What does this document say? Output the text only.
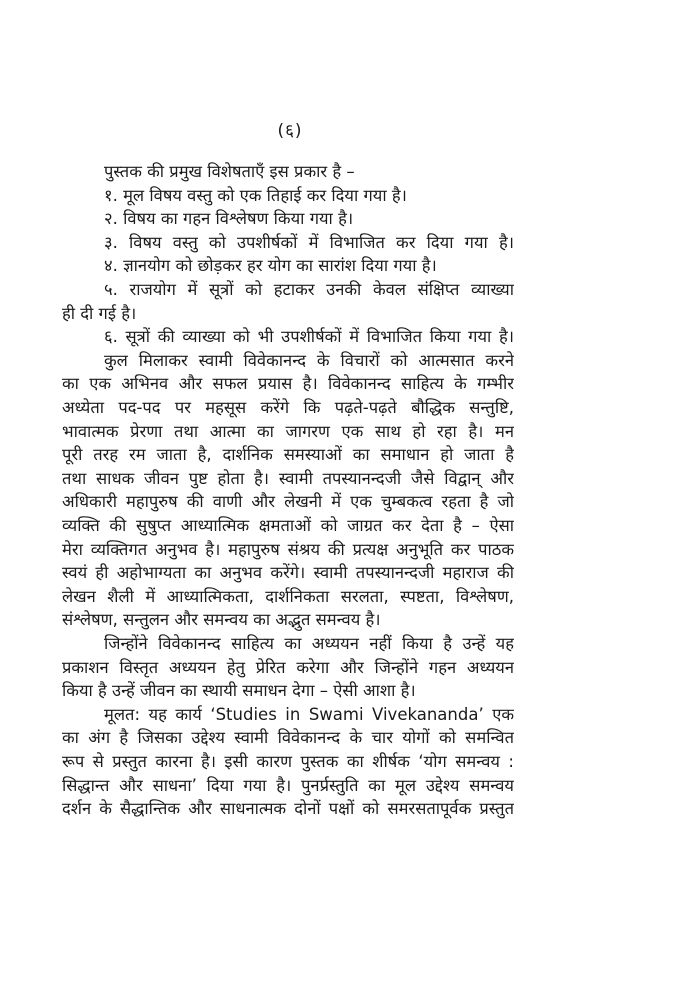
(६)
पुस्तक की प्रमुख विशेषताएँ इस प्रकार है –
१. मूल विषय वस्तु को एक तिहाई कर दिया गया है।
२. विषय का गहन विश्लेषण किया गया है।
३. विषय वस्तु को उपशीर्षकों में विभाजित कर दिया गया है।
४. ज्ञानयोग को छोड़कर हर योग का सारांश दिया गया है।
५. राजयोग में सूत्रों को हटाकर उनकी केवल संक्षिप्त व्याख्या
ही दी गई है।
६. सूत्रों की व्याख्या को भी उपशीर्षकों में विभाजित किया गया है।
कुल मिलाकर स्वामी विवेकानन्द के विचारों को आत्मसात करने
का एक अभिनव और सफल प्रयास है। विवेकानन्द साहित्य के गम्भीर
अध्येता पद-पद पर महसूस करेंगे कि पढ़ते-पढ़ते बौद्धिक सन्तुष्टि,
भावात्मक प्रेरणा तथा आत्मा का जागरण एक साथ हो रहा है। मन
पूरी तरह रम जाता है, दार्शनिक समस्याओं का समाधान हो जाता है
तथा साधक जीवन पुष्ट होता है। स्वामी तपस्यानन्दजी जैसे विद्वान् और
अधिकारी महापुरुष की वाणी और लेखनी में एक चुम्बकत्व रहता है जो
व्यक्ति की सुषुप्त आध्यात्मिक क्षमताओं को जाग्रत कर देता है – ऐसा
मेरा व्यक्तिगत अनुभव है। महापुरुष संश्रय की प्रत्यक्ष अनुभूति कर पाठक
स्वयं ही अहोभाग्यता का अनुभव करेंगे। स्वामी तपस्यानन्दजी महाराज की
लेखन शैली में आध्यात्मिकता, दार्शनिकता सरलता, स्पष्टता, विश्लेषण,
संश्लेषण, सन्तुलन और समन्वय का अद्भुत समन्वय है।
जिन्होंने विवेकानन्द साहित्य का अध्ययन नहीं किया है उन्हें यह
प्रकाशन विस्तृत अध्ययन हेतु प्रेरित करेगा और जिन्होंने गहन अध्ययन
किया है उन्हें जीवन का स्थायी समाधन देगा – ऐसी आशा है।
मूलत: यह कार्य ‘Studies in Swami Vivekananda’ एक
का अंग है जिसका उद्देश्य स्वामी विवेकानन्द के चार योगों को समन्वित
रूप से प्रस्तुत कारना है। इसी कारण पुस्तक का शीर्षक ‘योग समन्वय :
सिद्धान्त और साधना’ दिया गया है। पुनर्प्रस्तुति का मूल उद्देश्य समन्वय
दर्शन के सैद्धान्तिक और साधनात्मक दोनों पक्षों को समरसतापूर्वक प्रस्तुत
